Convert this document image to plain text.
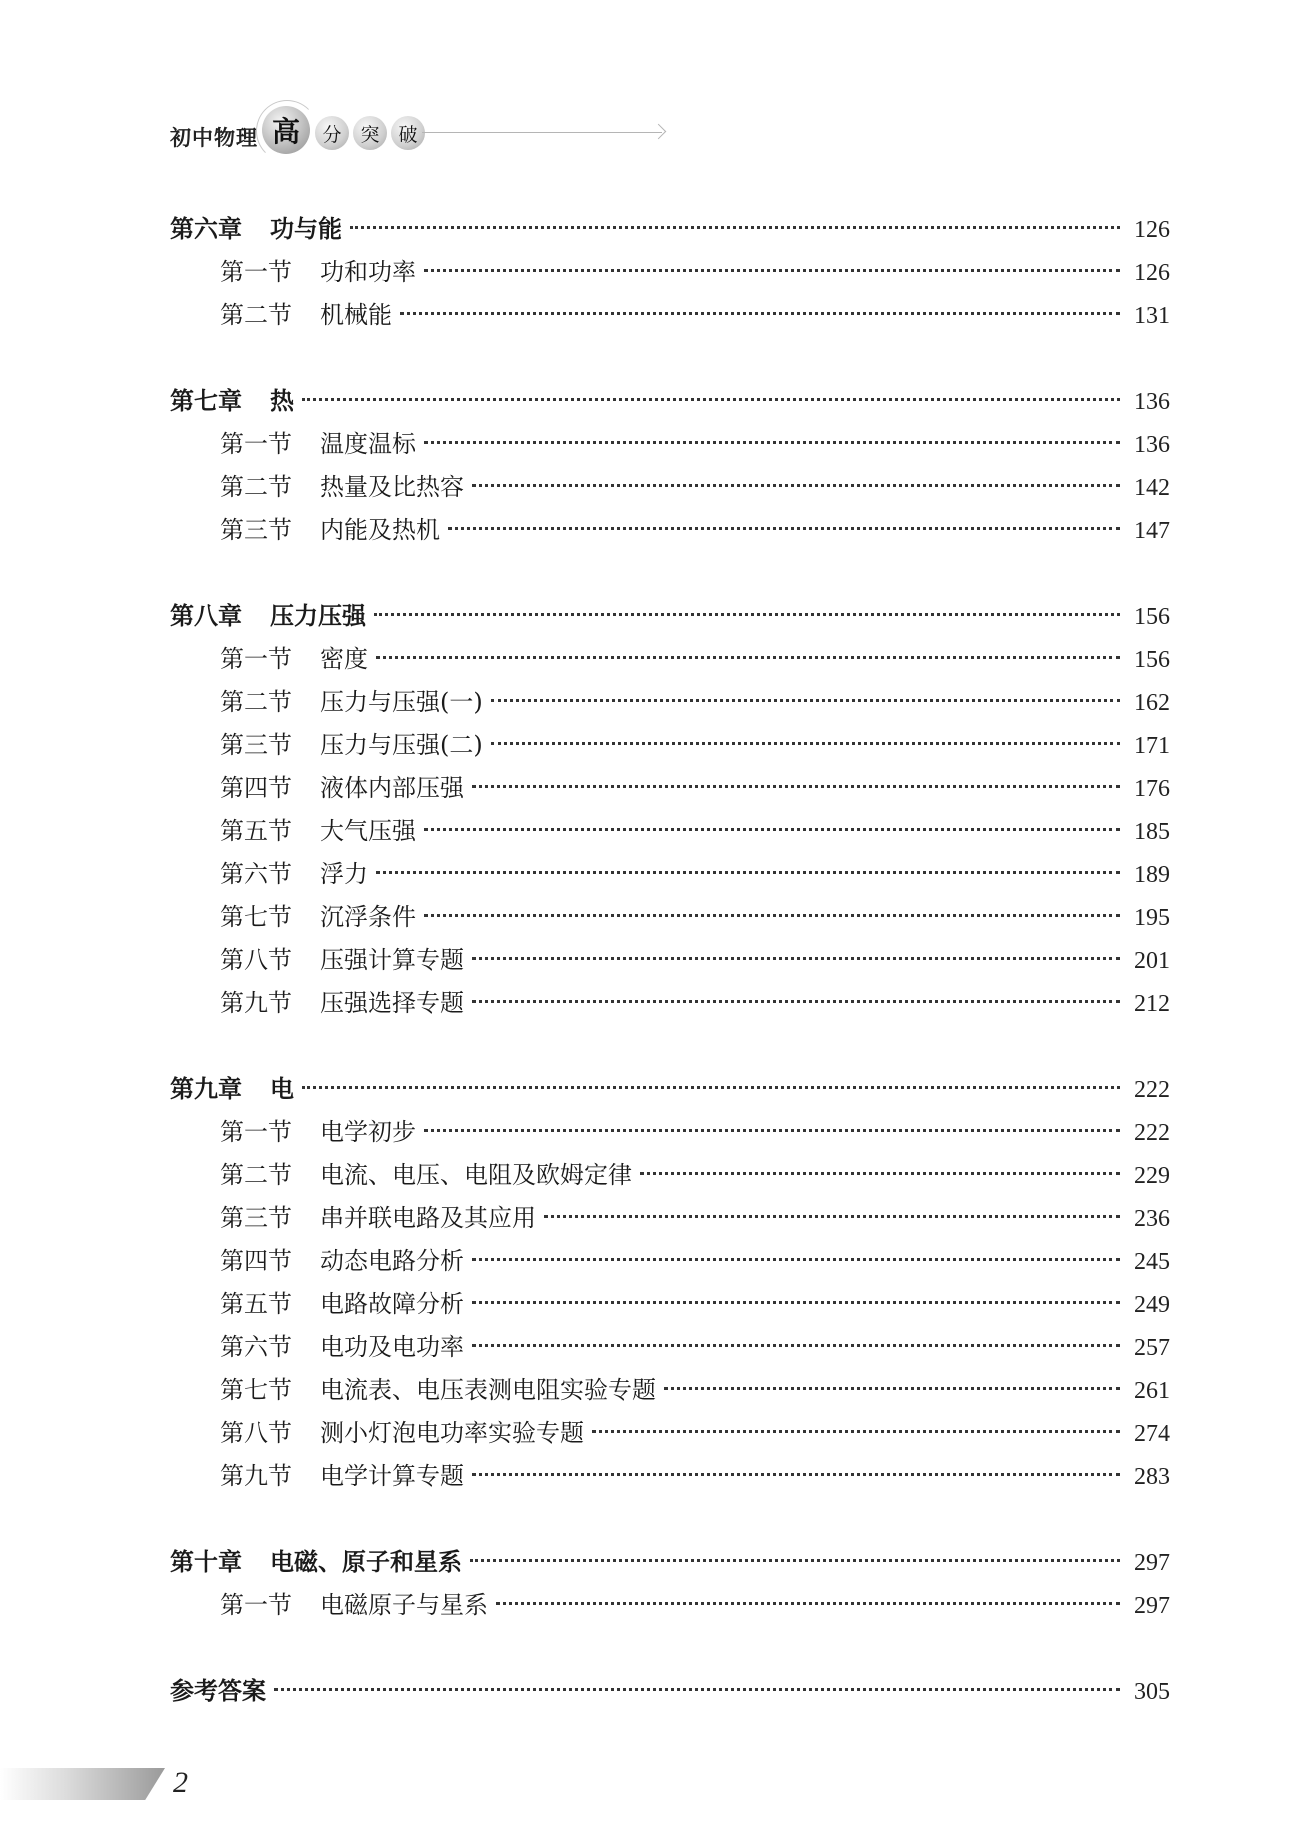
初中物理 高	分 突 破
第六章 功与能	126
第一节 功和功率	126
第二节 机械能	131
第七章 热	136
第一节 温度温标	136
第二节 热量及比热容	142
第三节 内能及热机	147
第八章 压力压强	156
第一节 密度	156
第二节 压力与压强(一)	162
第三节 压力与压强(二)	171
第四节 液体内部压强	176
第五节 大气压强	185
第六节 浮力	189
第七节 沉浮条件	195
第八节 压强计算专题	201
第九节 压强选择专题	212
第九章 电	222
第一节 电学初步	222
第二节 电流、电压、电阻及欧姆定律	229
第三节 串并联电路及其应用	236
第四节 动态电路分析	245
第五节 电路故障分析	249
第六节 电功及电功率	257
第七节 电流表、电压表测电阻实验专题	261
第八节 测小灯泡电功率实验专题	274
第九节 电学计算专题	283
第十章 电磁、原子和星系	297
第一节 电磁原子与星系	297
参考答案	305
2
